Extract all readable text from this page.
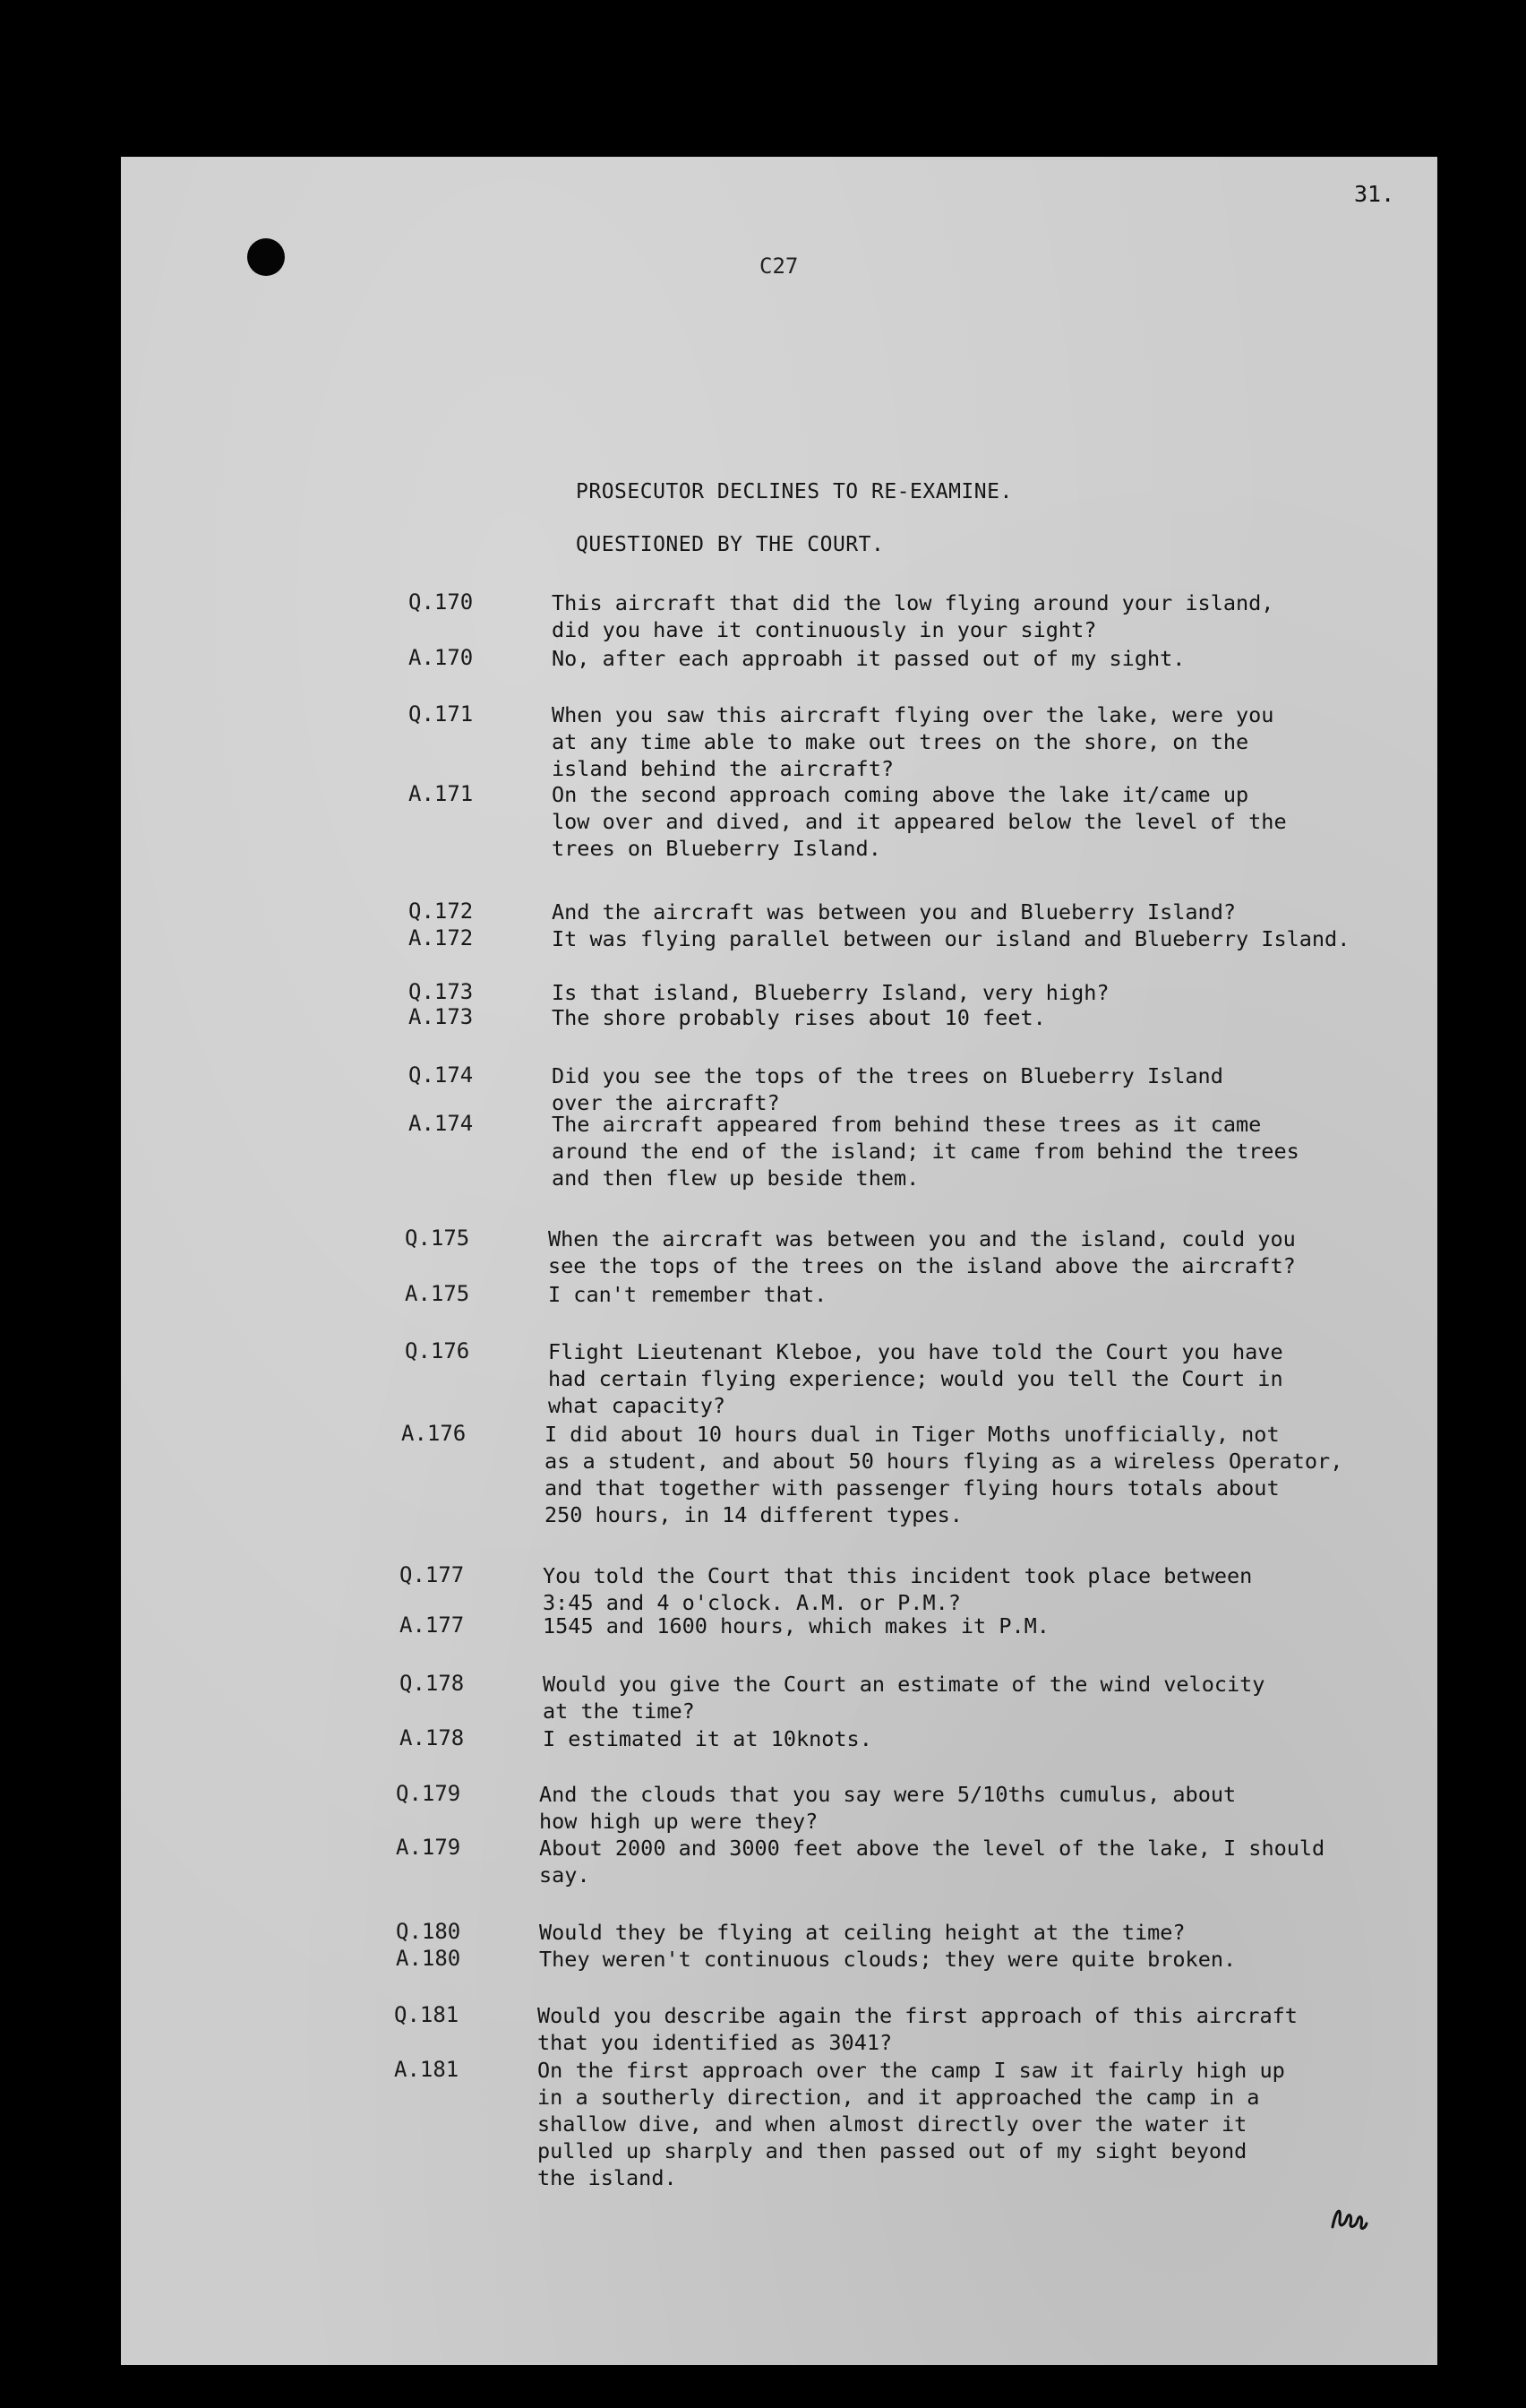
31.
C27
PROSECUTOR DECLINES TO RE-EXAMINE.
QUESTIONED BY THE COURT.
Q.170	This aircraft that did the low flying around your island,
did you have it continuously in your sight?
A.170	No, after each approabh it passed out of my sight.
Q.171	When you saw this aircraft flying over the lake, were you
at any time able to make out trees on the shore, on the
island behind the aircraft?
A.171	On the second approach coming above the lake it/came up
low over and dived, and it appeared below the level of the
trees on Blueberry Island.
Q.172	And the aircraft was between you and Blueberry Island?
A.172	It was flying parallel between our island and Blueberry Island.
Q.173	Is that island, Blueberry Island, very high?
A.173	The shore probably rises about 10 feet.
Q.174	Did you see the tops of the trees on Blueberry Island
over the aircraft?
A.174	The aircraft appeared from behind these trees as it came
around the end of the island; it came from behind the trees
and then flew up beside them.
Q.175	When the aircraft was between you and the island, could you
see the tops of the trees on the island above the aircraft?
A.175	I can't remember that.
Q.176	Flight Lieutenant Kleboe, you have told the Court you have
had certain flying experience; would you tell the Court in
what capacity?
A.176	I did about 10 hours dual in Tiger Moths unofficially, not
as a student, and about 50 hours flying as a wireless Operator,
and that together with passenger flying hours totals about
250 hours, in 14 different types.
Q.177	You told the Court that this incident took place between
3:45 and 4 o'clock. A.M. or P.M.?
A.177	1545 and 1600 hours, which makes it P.M.
Q.178	Would you give the Court an estimate of the wind velocity
at the time?
A.178	I estimated it at 10knots.
Q.179	And the clouds that you say were 5/10ths cumulus, about
how high up were they?
A.179	About 2000 and 3000 feet above the level of the lake, I should
say.
Q.180	Would they be flying at ceiling height at the time?
A.180	They weren't continuous clouds; they were quite broken.
Q.181	Would you describe again the first approach of this aircraft
that you identified as 3041?
A.181	On the first approach over the camp I saw it fairly high up
in a southerly direction, and it approached the camp in a
shallow dive, and when almost directly over the water it
pulled up sharply and then passed out of my sight beyond
the island.
